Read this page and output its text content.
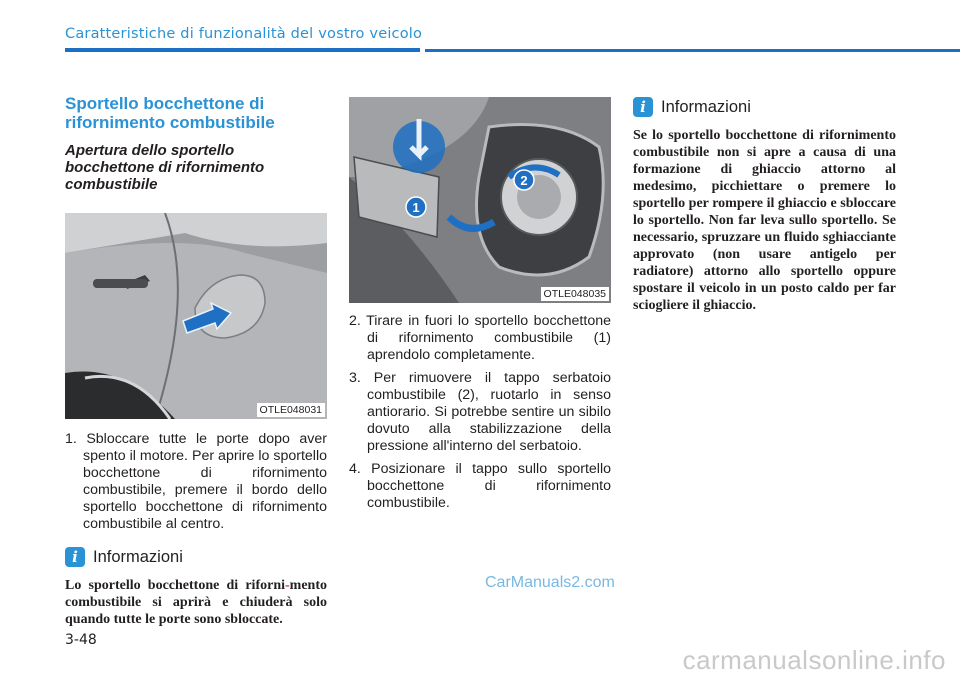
Caratteristiche di funzionalità del vostro veicolo
Sportello bocchettone di rifornimento combustibile
Apertura dello sportello bocchettone di rifornimento combustibile
OTLE048031
1. Sbloccare tutte le porte dopo aver spento il motore. Per aprire lo sportello bocchettone di rifornimento combustibile, premere il bordo dello sportello bocchettone di rifornimento combustibile al centro.
i Informazioni
Lo sportello bocchettone di riforni-mento combustibile si aprirà e chiuderà solo quando tutte le porte sono sbloccate.
2
1
OTLE048035
2. Tirare in fuori lo sportello bocchettone di rifornimento combustibile (1) aprendolo completamente.
3. Per rimuovere il tappo serbatoio combustibile (2), ruotarlo in senso antiorario. Si potrebbe sentire un sibilo dovuto alla stabilizzazione della pressione all'interno del serbatoio.
4. Posizionare il tappo sullo sportello bocchettone di rifornimento combustibile.
i Informazioni
Se lo sportello bocchettone di rifornimento combustibile non si apre a causa di una formazione di ghiaccio attorno al medesimo, picchiettare o premere lo sportello per rompere il ghiaccio e sbloccare lo sportello. Non far leva sullo sportello. Se necessario, spruzzare un fluido sghiacciante approvato (non usare antigelo per radiatore) attorno allo sportello oppure spostare il veicolo in un posto caldo per far sciogliere il ghiaccio.
CarManuals2.com
3-48
carmanualsonline.info
